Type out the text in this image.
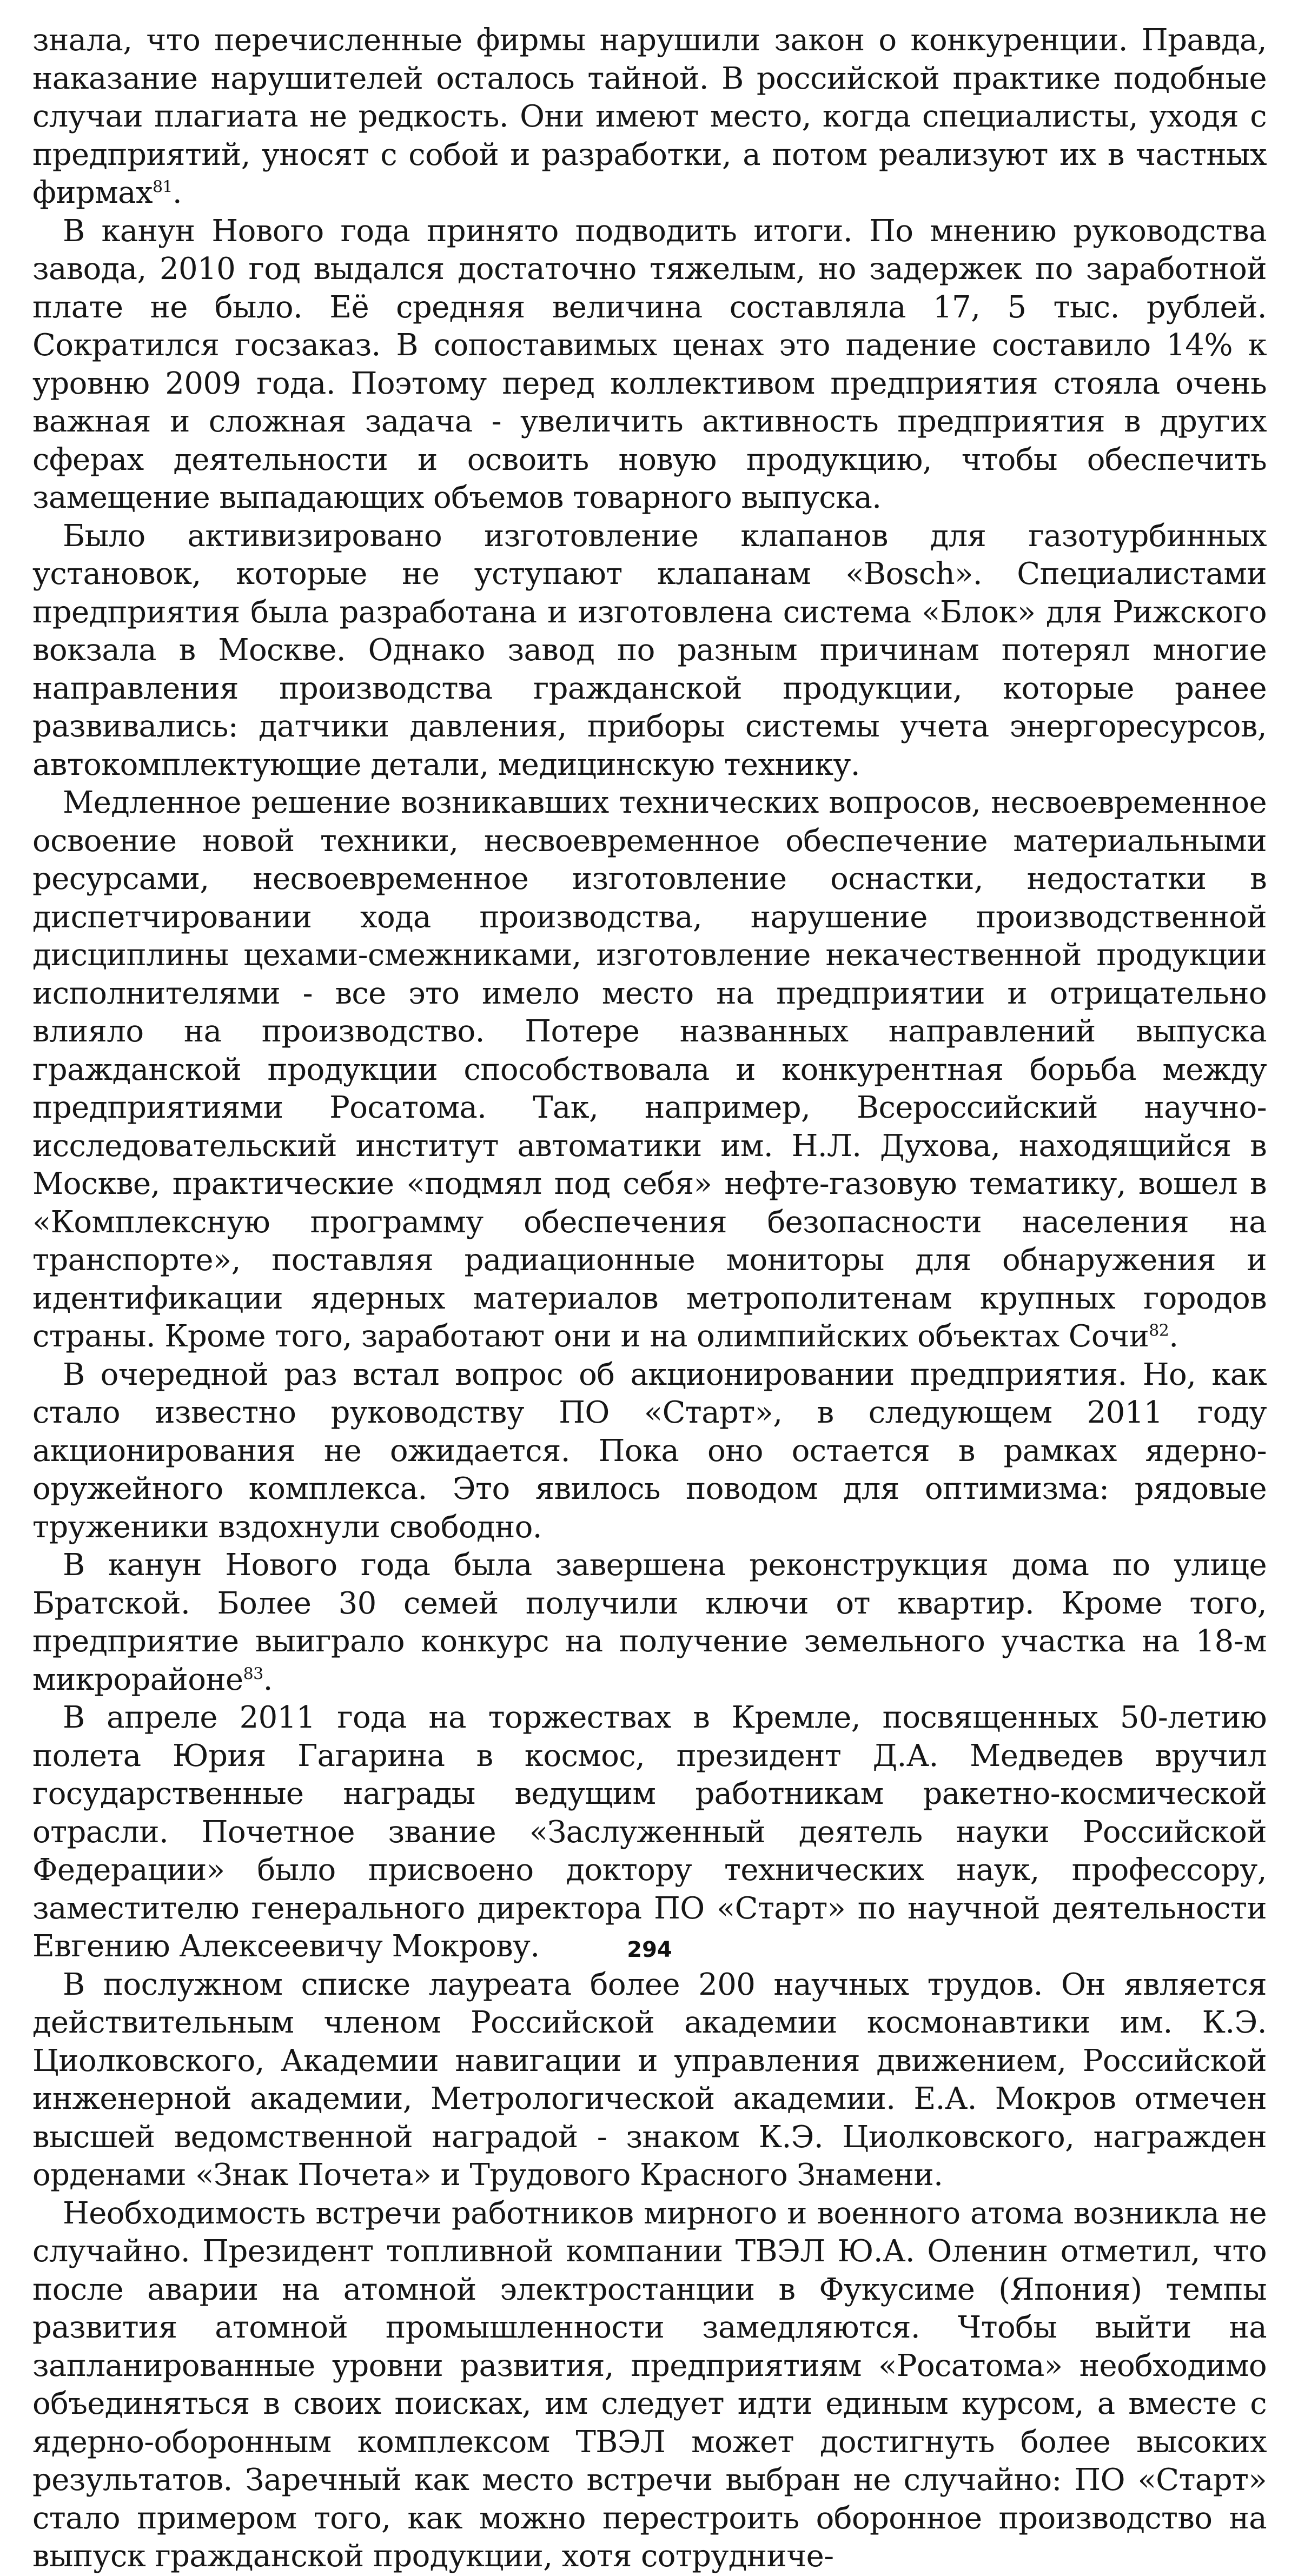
знала, что перечисленные фирмы нарушили закон о конкуренции. Правда, наказание нарушителей осталось тайной. В российской практике подобные случаи плагиата не редкость. Они имеют место, когда специалисты, уходя с предприятий, уносят с собой и разработки, а потом реализуют их в частных фирмах$^{81}$.

В канун Нового года принято подводить итоги. По мнению руководства завода, 2010 год выдался достаточно тяжелым, но задержек по заработной плате не было. Её средняя величина составляла 17, 5 тыс. рублей. Сократился госзаказ. В сопоставимых ценах это падение составило 14% к уровню 2009 года. Поэтому перед коллективом предприятия стояла очень важная и сложная задача - увеличить активность предприятия в других сферах деятельности и освоить новую продукцию, чтобы обеспечить замещение выпадающих объемов товарного выпуска.

Было активизировано изготовление клапанов для газотурбинных установок, которые не уступают клапанам «Bosch». Специалистами предприятия была разработана и изготовлена система «Блок» для Рижского вокзала в Москве. Однако завод по разным причинам потерял многие направления производства гражданской продукции, которые ранее развивались: датчики давления, приборы системы учета энергоресурсов, автокомплектующие детали, медицинскую технику.

Медленное решение возникавших технических вопросов, несвоевременное освоение новой техники, несвоевременное обеспечение материальными ресурсами, несвоевременное изготовление оснастки, недостатки в диспетчировании хода производства, нарушение производственной дисциплины цехами-смежниками, изготовление некачественной продукции исполнителями - все это имело место на предприятии и отрицательно влияло на производство. Потере названных направлений выпуска гражданской продукции способствовала и конкурентная борьба между предприятиями Росатома. Так, например, Всероссийский научно-исследовательский институт автоматики им. Н.Л. Духова, находящийся в Москве, практические «подмял под себя» нефте-газовую тематику, вошел в «Комплексную программу обеспечения безопасности населения на транспорте», поставляя радиационные мониторы для обнаружения и идентификации ядерных материалов метрополитенам крупных городов страны. Кроме того, заработают они и на олимпийских объектах Сочи$^{82}$.

В очередной раз встал вопрос об акционировании предприятия. Но, как стало известно руководству ПО «Старт», в следующем 2011 году акционирования не ожидается. Пока оно остается в рамках ядерно-оружейного комплекса. Это явилось поводом для оптимизма: рядовые труженики вздохнули свободно.

В канун Нового года была завершена реконструкция дома по улице Братской. Более 30 семей получили ключи от квартир. Кроме того, предприятие выиграло конкурс на получение земельного участка на 18-м микрорайоне$^{83}$.

В апреле 2011 года на торжествах в Кремле, посвященных 50-летию полета Юрия Гагарина в космос, президент Д.А. Медведев вручил государственные награды ведущим работникам ракетно-космической отрасли. Почетное звание «Заслуженный деятель науки Российской Федерации» было присвоено доктору технических наук, профессору, заместителю генерального директора ПО «Старт» по научной деятельности Евгению Алексеевичу Мокрову.

В послужном списке лауреата более 200 научных трудов. Он является действительным членом Российской академии космонавтики им. К.Э. Циолковского, Академии навигации и управления движением, Российской инженерной академии, Метрологической академии. Е.А. Мокров отмечен высшей ведомственной наградой - знаком К.Э. Циолковского, награжден орденами «Знак Почета» и Трудового Красного Знамени.

Необходимость встречи работников мирного и военного атома возникла не случайно. Президент топливной компании ТВЭЛ Ю.А. Оленин отметил, что после аварии на атомной электростанции в Фукусиме (Япония) темпы развития атомной промышленности замедляются. Чтобы выйти на запланированные уровни развития, предприятиям «Росатома» необходимо объединяться в своих поисках, им следует идти единым курсом, а вместе с ядерно-оборонным комплексом ТВЭЛ может достигнуть более высоких результатов. Заречный как место встречи выбран не случайно: ПО «Старт» стало примером того, как можно перестроить оборонное производство на выпуск гражданской продукции, хотя сотрудниче-

294
